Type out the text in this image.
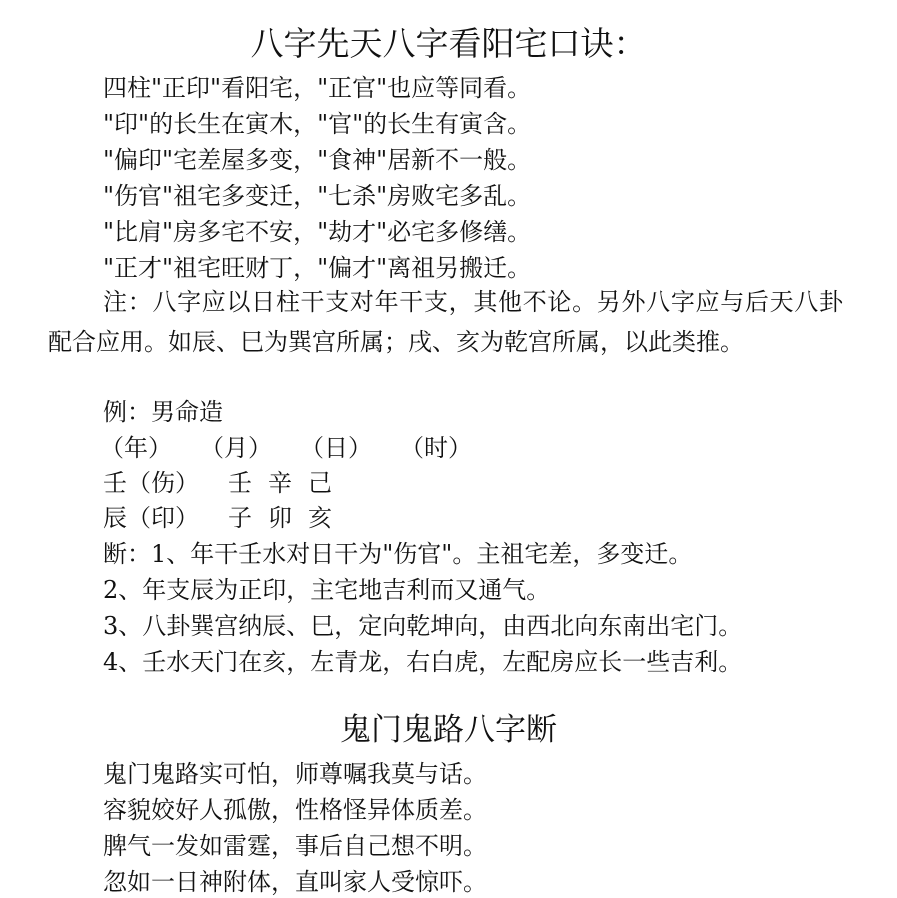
八字先天八字看阳宅口诀：
四柱"正印"看阳宅，"正官"也应等同看。
"印"的长生在寅木，"官"的长生有寅含。
"偏印"宅差屋多变，"食神"居新不一般。
"伤官"祖宅多变迁，"七杀"房败宅多乱。
"比肩"房多宅不安，"劫才"必宅多修缮。
"正才"祖宅旺财丁，"偏才"离祖另搬迁。
注：八字应以日柱干支对年干支，其他不论。另外八字应与后天八卦配合应用。如辰、巳为巽宫所属；戌、亥为乾宫所属，以此类推。
例：男命造
（年） （月） （日） （时）
壬（伤） 壬 辛 己
辰（印） 子 卯 亥
断：1、年干壬水对日干为"伤官"。主祖宅差，多变迁。
2、年支辰为正印，主宅地吉利而又通气。
3、八卦巽宫纳辰、巳，定向乾坤向，由西北向东南出宅门。
4、壬水天门在亥，左青龙，右白虎，左配房应长一些吉利。
鬼门鬼路八字断
鬼门鬼路实可怕，师尊嘱我莫与话。
容貌姣好人孤傲，性格怪异体质差。
脾气一发如雷霆，事后自己想不明。
忽如一日神附体，直叫家人受惊吓。
